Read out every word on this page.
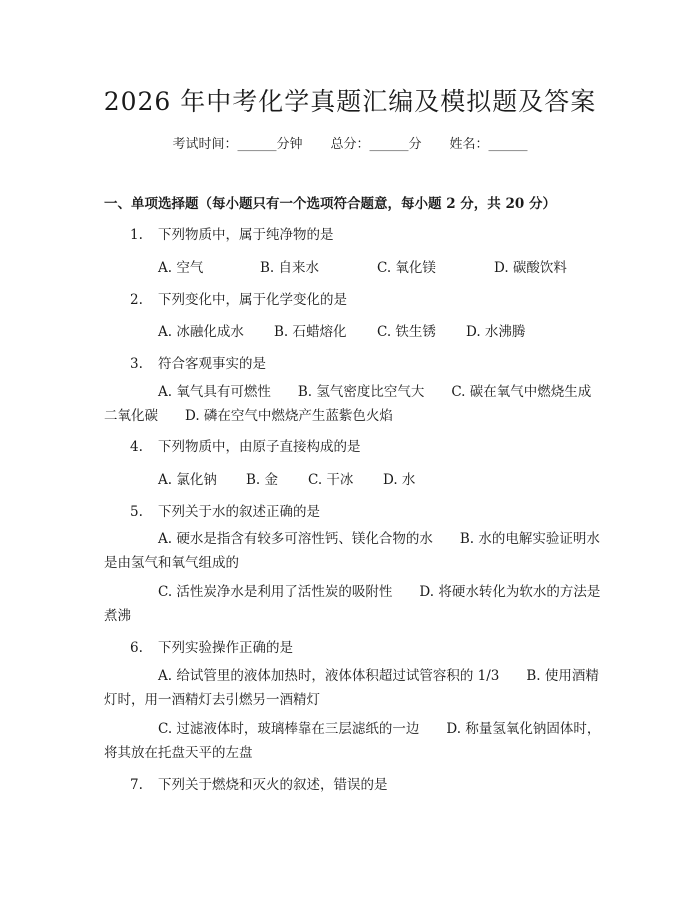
2026 年中考化学真题汇编及模拟题及答案
考试时间：______分钟 总分：______分 姓名：______
一、单项选择题（每小题只有一个选项符合题意，每小题 2 分，共 20 分）
1. 下列物质中，属于纯净物的是
A. 空气	B. 自来水	C. 氧化镁	D. 碳酸饮料
2. 下列变化中，属于化学变化的是
A. 冰融化成水 B. 石蜡熔化 C. 铁生锈 D. 水沸腾
3. 符合客观事实的是
A. 氧气具有可燃性　　B. 氢气密度比空气大　　C. 碳在氧气中燃烧生成二氧化碳　　D. 磷在空气中燃烧产生蓝紫色火焰
4. 下列物质中，由原子直接构成的是
A. 氯化钠 B. 金 C. 干冰 D. 水
5. 下列关于水的叙述正确的是
A. 硬水是指含有较多可溶性钙、镁化合物的水　　B. 水的电解实验证明水是由氢气和氧气组成的
C. 活性炭净水是利用了活性炭的吸附性　　D. 将硬水转化为软水的方法是煮沸
6. 下列实验操作正确的是
A. 给试管里的液体加热时，液体体积超过试管容积的 1/3　　B. 使用酒精灯时，用一酒精灯去引燃另一酒精灯
C. 过滤液体时，玻璃棒靠在三层滤纸的一边　　D. 称量氢氧化钠固体时，将其放在托盘天平的左盘
7. 下列关于燃烧和灭火的叙述，错误的是
